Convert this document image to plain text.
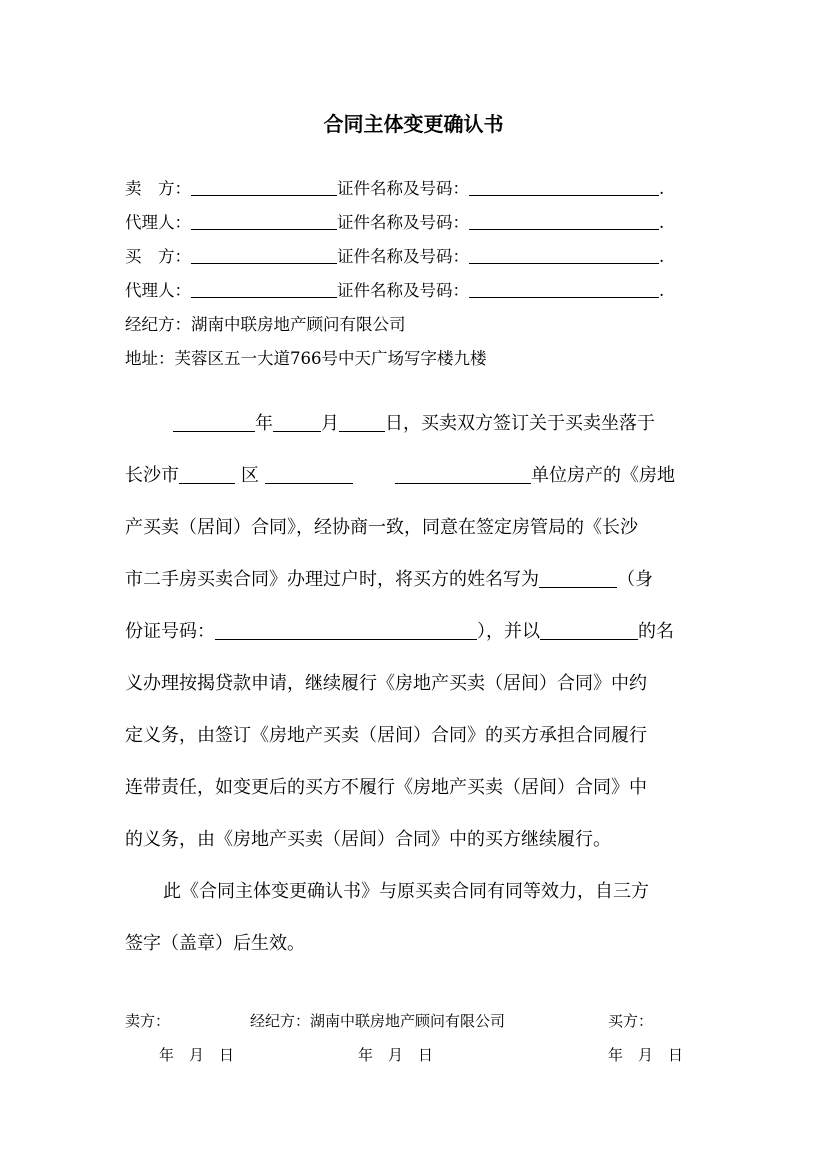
合同主体变更确认书
卖　方：	证件名称及号码：	.
代理人：	证件名称及号码：	.
买　方：	证件名称及号码：	.
代理人：	证件名称及号码：	.
经纪方：湖南中联房地产顾问有限公司
地址：芙蓉区五一大道766号中天广场写字楼九楼

年	月	日，买卖双方签订关于买卖坐落于
长沙市	区	单位房产的《房地
产买卖（居间）合同》，经协商一致，同意在签定房管局的《长沙
市二手房买卖合同》办理过户时，将买方的姓名写为	（身
份证号码：	），并以	的名
义办理按揭贷款申请，继续履行《房地产买卖（居间）合同》中约
定义务，由签订《房地产买卖（居间）合同》的买方承担合同履行
连带责任，如变更后的买方不履行《房地产买卖（居间）合同》中
的义务，由《房地产买卖（居间）合同》中的买方继续履行。

此《合同主体变更确认书》与原买卖合同有同等效力，自三方
签字（盖章）后生效。

卖方：	经纪方：湖南中联房地产顾问有限公司	买方：
年　月　日	年　月　日	年　月　日
